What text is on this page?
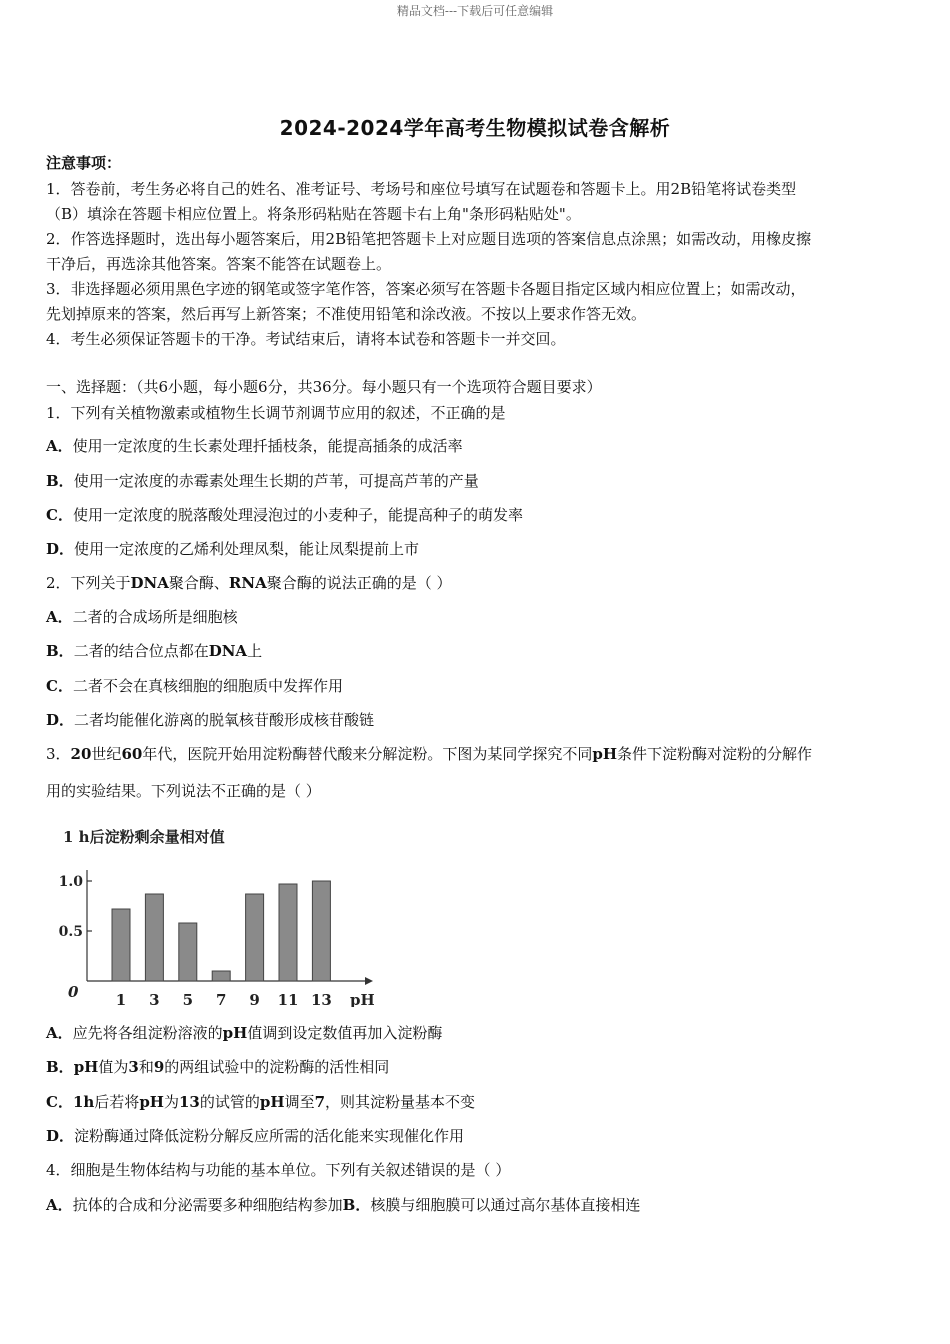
精品文档---下载后可任意编辑
2024-2024学年高考生物模拟试卷含解析
注意事项：
1．答卷前，考生务必将自己的姓名、准考证号、考场号和座位号填写在试题卷和答题卡上。用2B铅笔将试卷类型
（B）填涂在答题卡相应位置上。将条形码粘贴在答题卡右上角"条形码粘贴处"。
2．作答选择题时，选出每小题答案后，用2B铅笔把答题卡上对应题目选项的答案信息点涂黑；如需改动，用橡皮擦
干净后，再选涂其他答案。答案不能答在试题卷上。
3．非选择题必须用黑色字迹的钢笔或签字笔作答，答案必须写在答题卡各题目指定区域内相应位置上；如需改动，
先划掉原来的答案，然后再写上新答案；不准使用铅笔和涂改液。不按以上要求作答无效。
4．考生必须保证答题卡的干净。考试结束后，请将本试卷和答题卡一并交回。
一、选择题：（共6小题，每小题6分，共36分。每小题只有一个选项符合题目要求）
1．下列有关植物激素或植物生长调节剂调节应用的叙述，不正确的是
A．使用一定浓度的生长素处理扦插枝条，能提高插条的成活率
B．使用一定浓度的赤霉素处理生长期的芦苇，可提高芦苇的产量
C．使用一定浓度的脱落酸处理浸泡过的小麦种子，能提高种子的萌发率
D．使用一定浓度的乙烯利处理凤梨，能让凤梨提前上市
2．下列关于DNA聚合酶、RNA聚合酶的说法正确的是（ ）
A．二者的合成场所是细胞核
B．二者的结合位点都在DNA上
C．二者不会在真核细胞的细胞质中发挥作用
D．二者均能催化游离的脱氧核苷酸形成核苷酸链
3．20世纪60年代，医院开始用淀粉酶替代酸来分解淀粉。下图为某同学探究不同pH条件下淀粉酶对淀粉的分解作
用的实验结果。下列说法不正确的是（ ）
1 h后淀粉剩余量相对值
0.5
1.0
0 1 3 5 7 9 11 13 pH
A．应先将各组淀粉溶液的pH值调到设定数值再加入淀粉酶
B．pH值为3和9的两组试验中的淀粉酶的活性相同
C．1h后若将pH为13的试管的pH调至7，则其淀粉量基本不变
D．淀粉酶通过降低淀粉分解反应所需的活化能来实现催化作用
4．细胞是生物体结构与功能的基本单位。下列有关叙述错误的是（ ）
A．抗体的合成和分泌需要多种细胞结构参加B．核膜与细胞膜可以通过高尔基体直接相连
